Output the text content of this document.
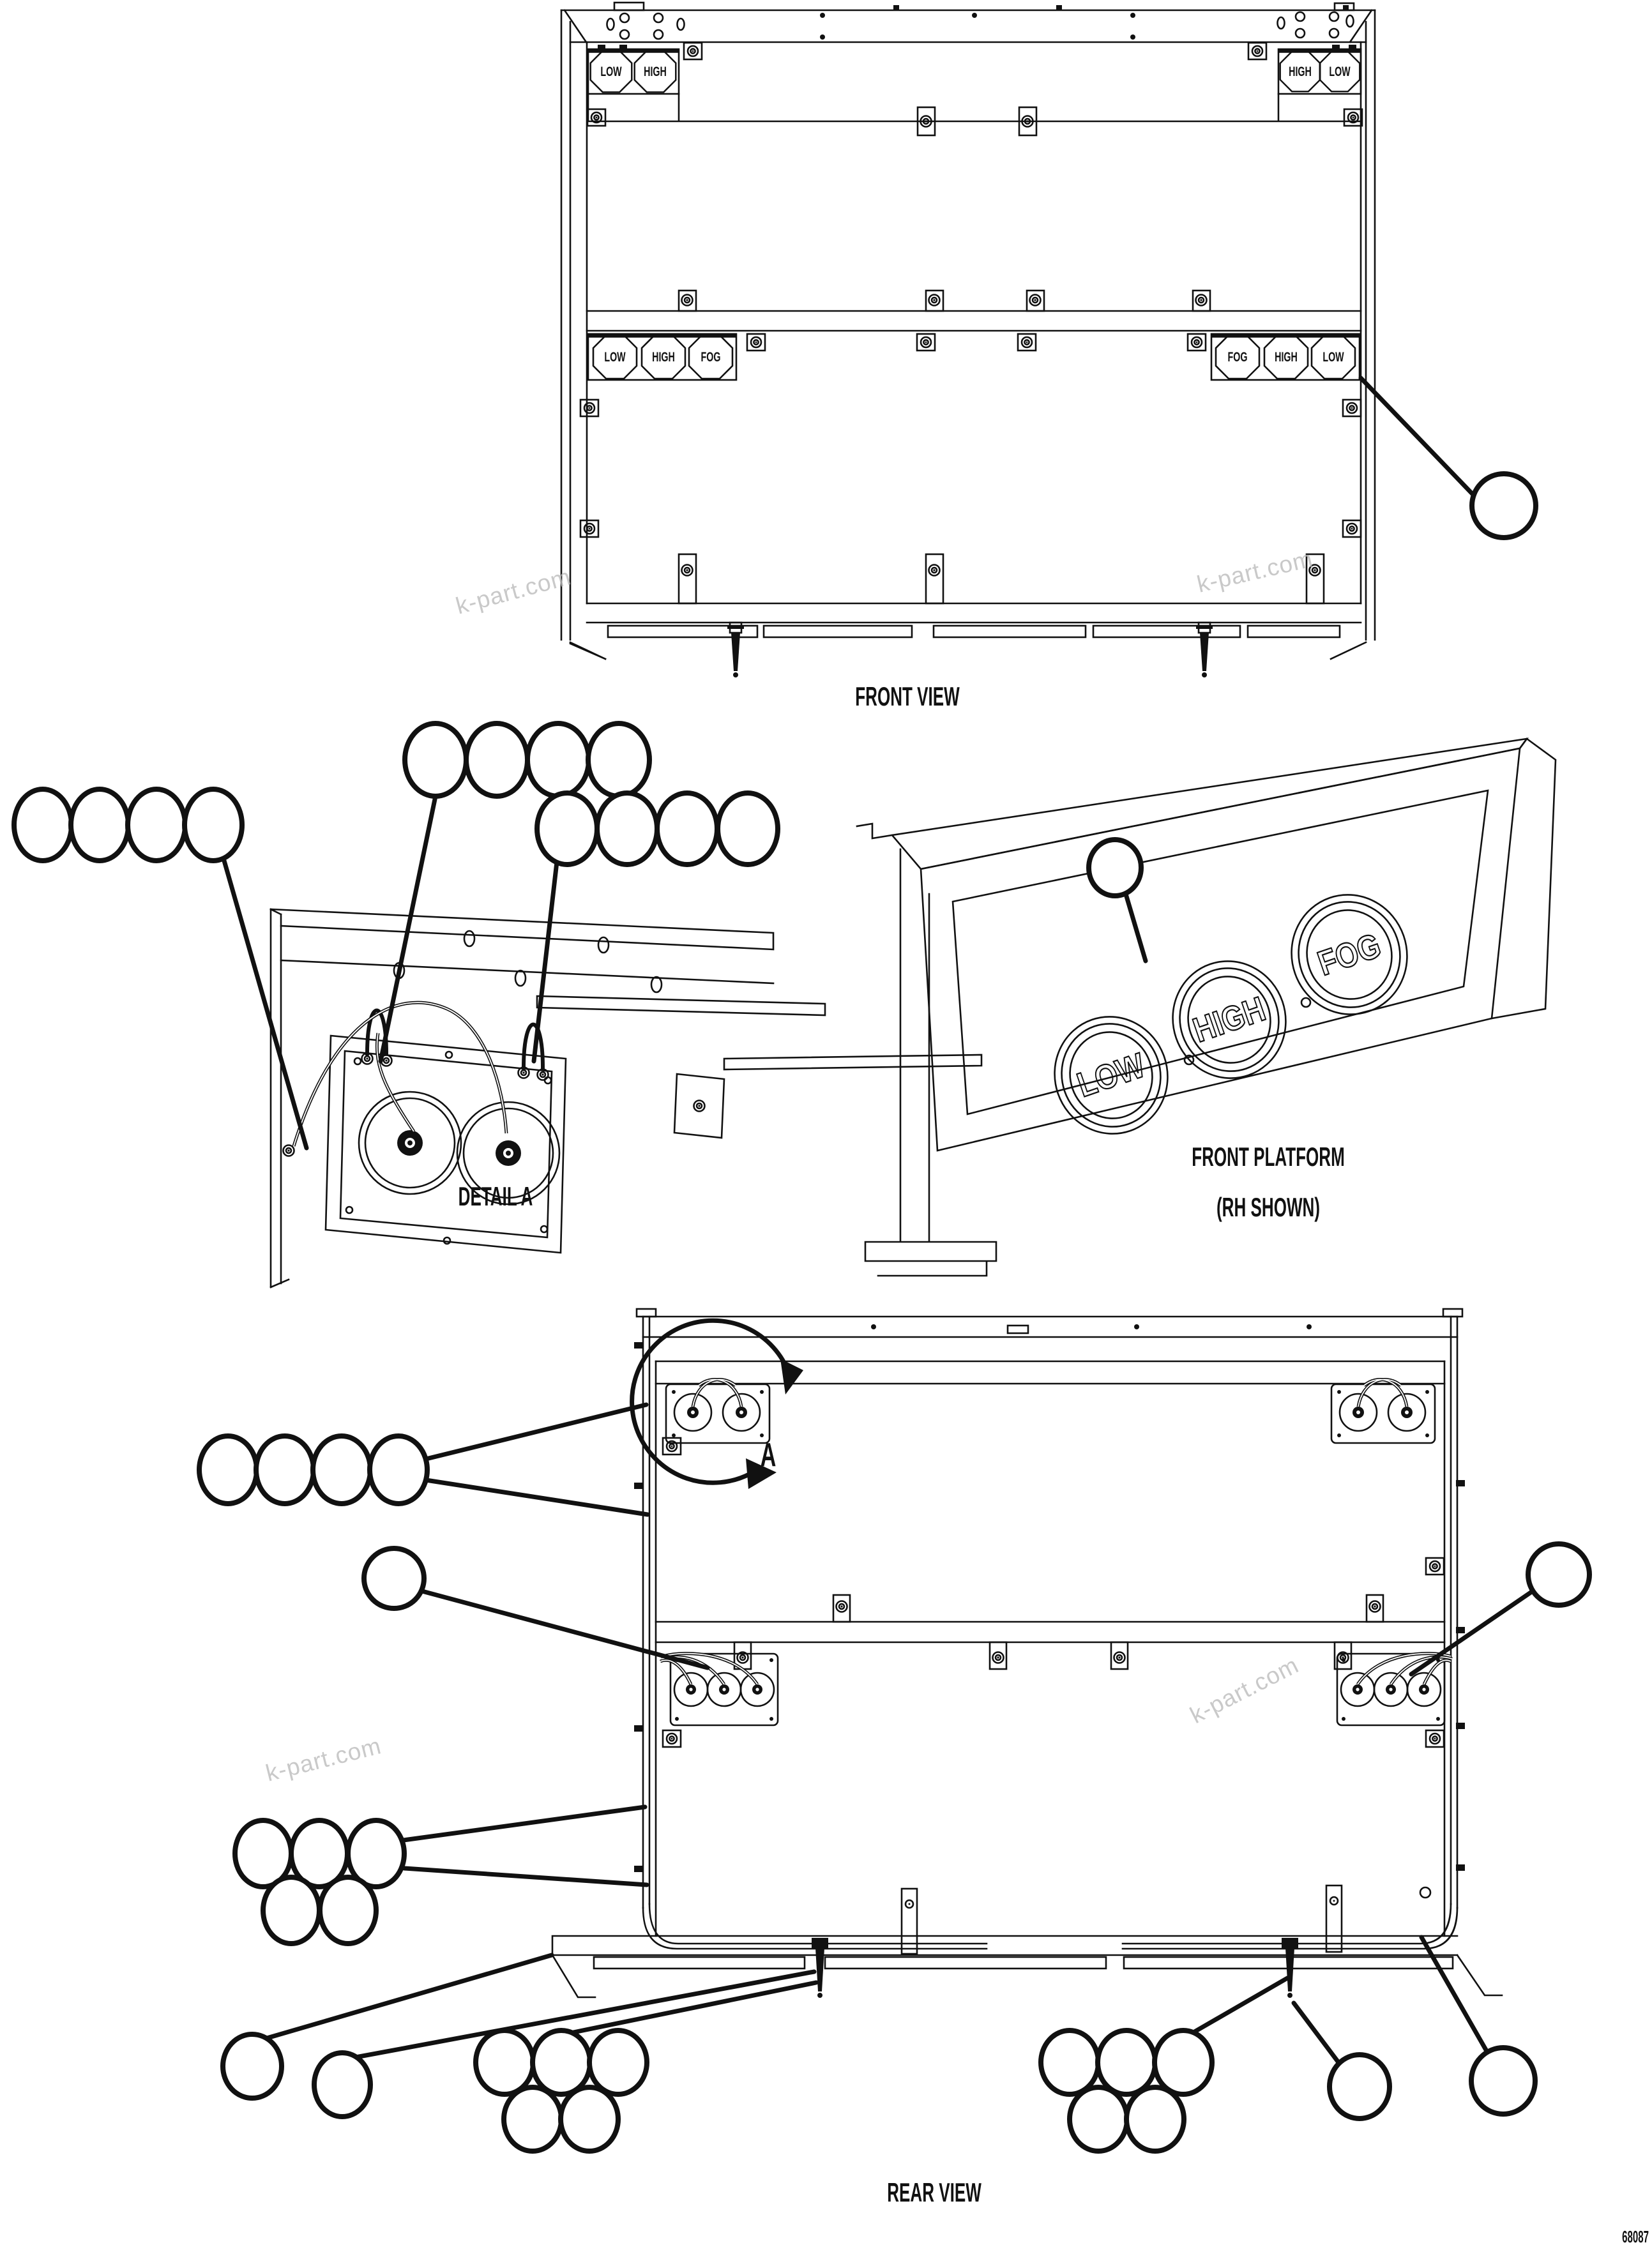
LOW HIGH	HIGH LOW
LOW HIGH FOG	FOG HIGH LOW
LOW
HIGH
FOG
A
FRONT VIEW
DETAIL A
FRONT PLATFORM
(RH SHOWN)
REAR VIEW
68087
k-part.com	k-part.com
k-part.com
k-part.com
